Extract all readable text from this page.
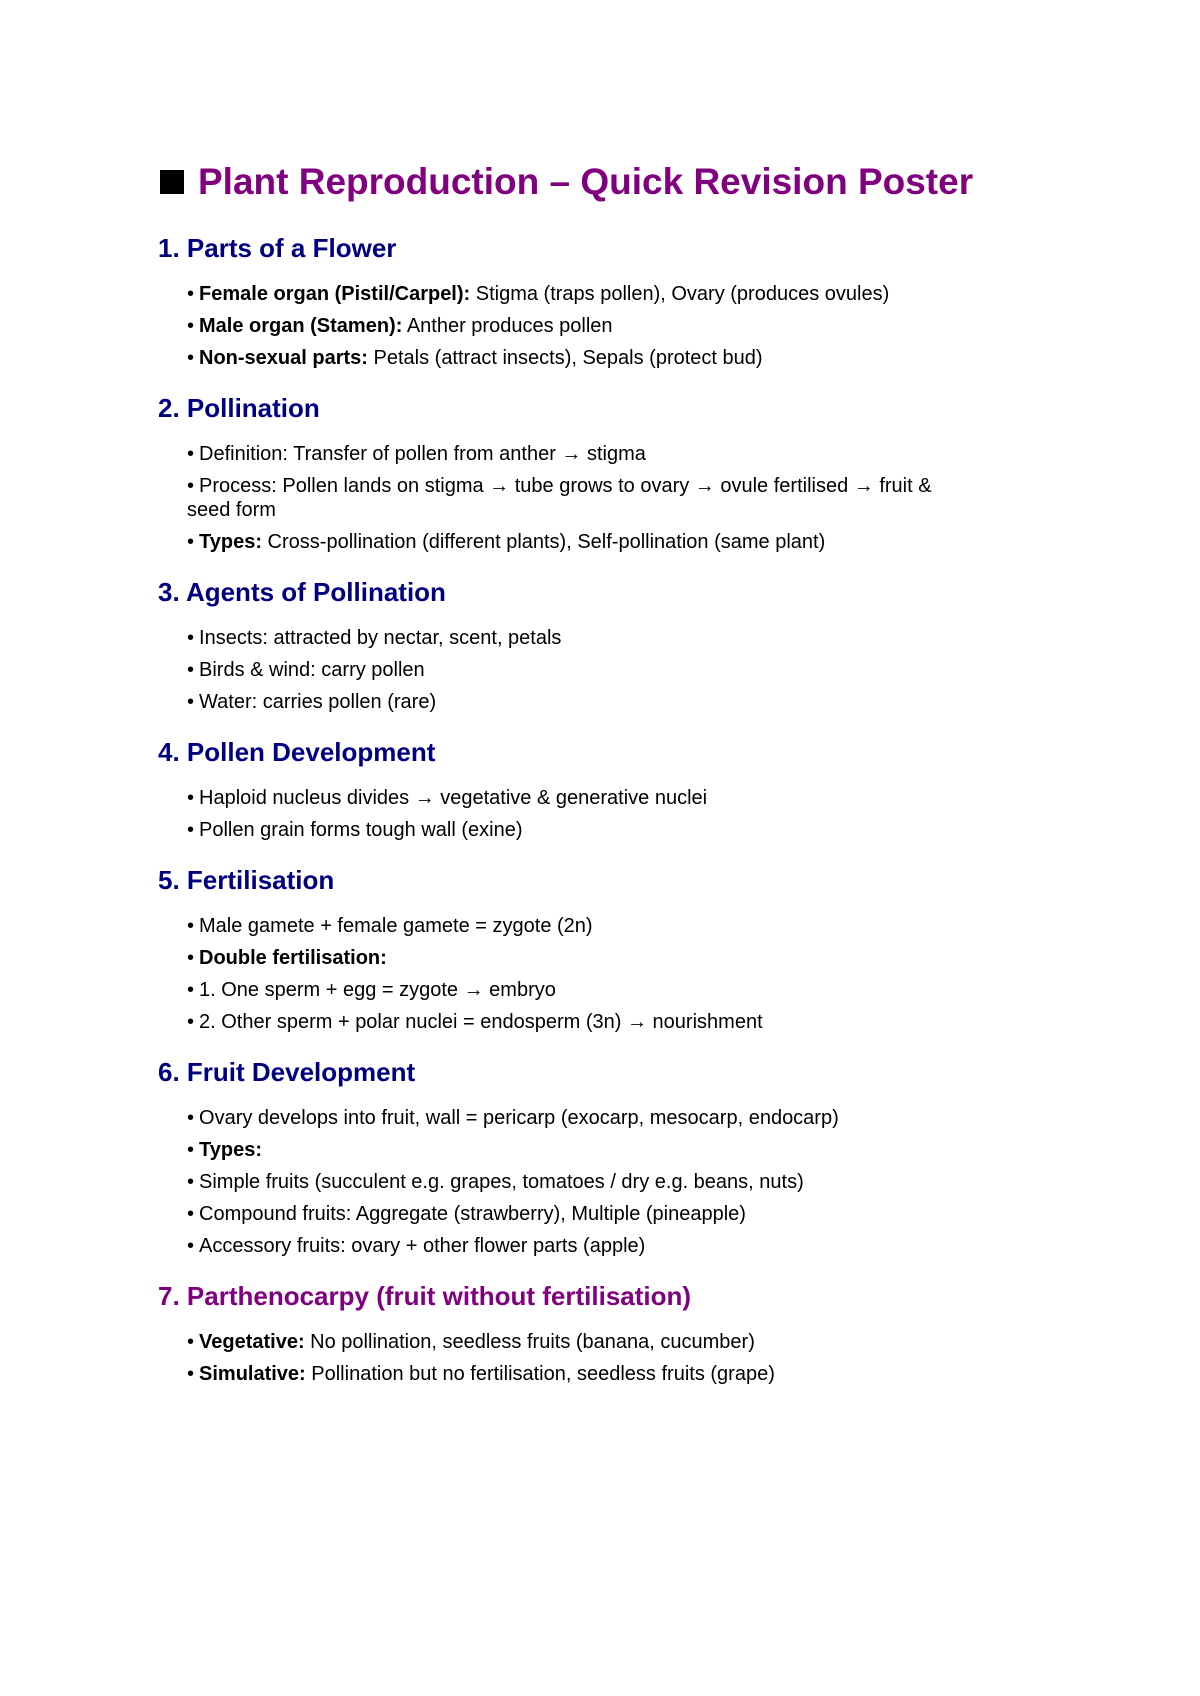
Plant Reproduction – Quick Revision Poster
1. Parts of a Flower
• Female organ (Pistil/Carpel): Stigma (traps pollen), Ovary (produces ovules)
• Male organ (Stamen): Anther produces pollen
• Non-sexual parts: Petals (attract insects), Sepals (protect bud)
2. Pollination
• Definition: Transfer of pollen from anther → stigma
• Process: Pollen lands on stigma → tube grows to ovary → ovule fertilised → fruit &
seed form
• Types: Cross-pollination (different plants), Self-pollination (same plant)
3. Agents of Pollination
• Insects: attracted by nectar, scent, petals
• Birds & wind: carry pollen
• Water: carries pollen (rare)
4. Pollen Development
• Haploid nucleus divides → vegetative & generative nuclei
• Pollen grain forms tough wall (exine)
5. Fertilisation
• Male gamete + female gamete = zygote (2n)
• Double fertilisation:
• 1. One sperm + egg = zygote → embryo
• 2. Other sperm + polar nuclei = endosperm (3n) → nourishment
6. Fruit Development
• Ovary develops into fruit, wall = pericarp (exocarp, mesocarp, endocarp)
• Types:
• Simple fruits (succulent e.g. grapes, tomatoes / dry e.g. beans, nuts)
• Compound fruits: Aggregate (strawberry), Multiple (pineapple)
• Accessory fruits: ovary + other flower parts (apple)
7. Parthenocarpy (fruit without fertilisation)
• Vegetative: No pollination, seedless fruits (banana, cucumber)
• Simulative: Pollination but no fertilisation, seedless fruits (grape)
